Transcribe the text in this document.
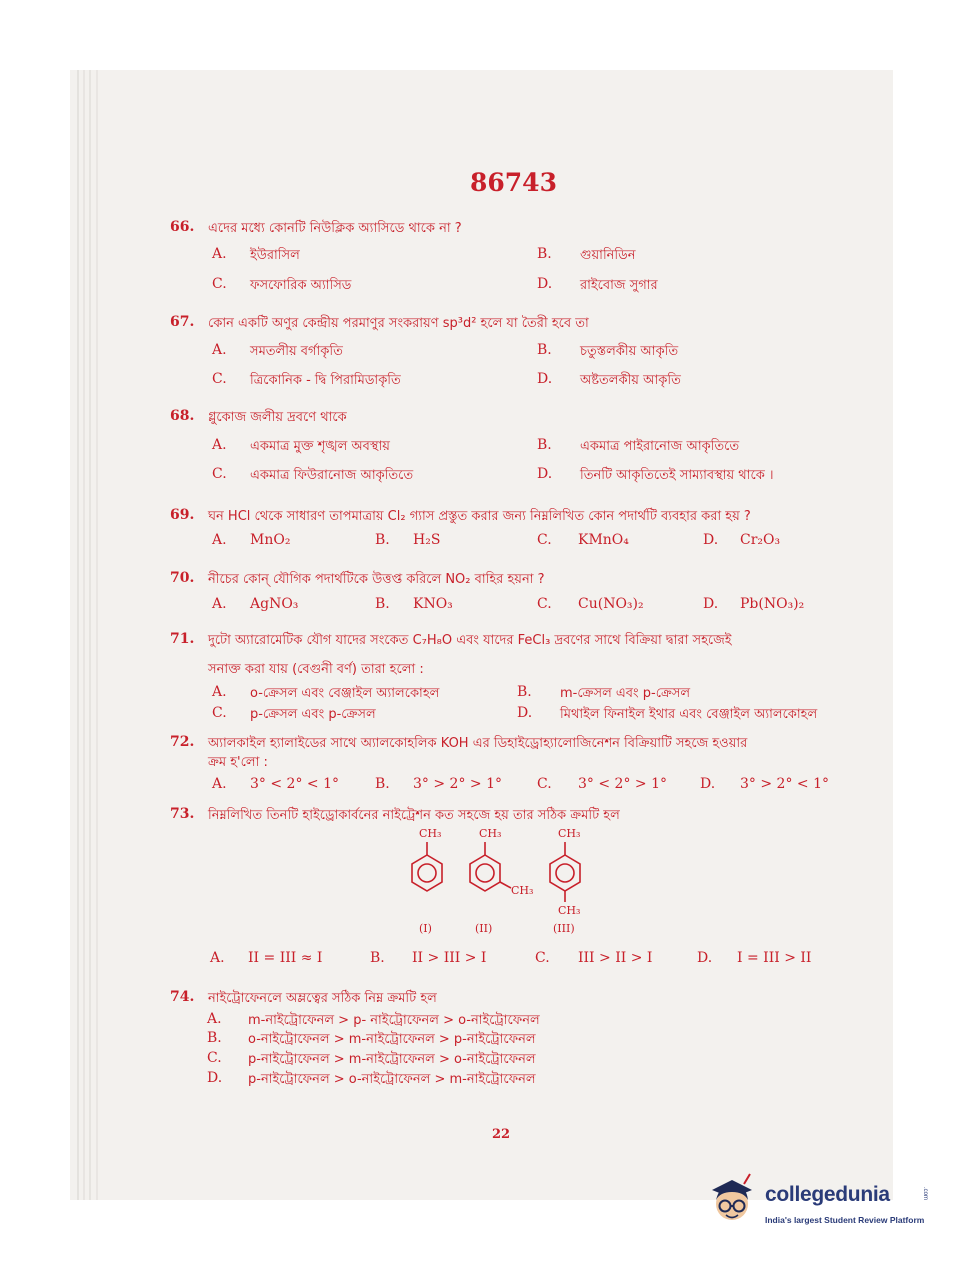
86743
66. এদের মধ্যে কোনটি নিউক্লিক অ্যাসিডে থাকে না ?
A. ইউরাসিল	B. গুয়ানিডিন
C. ফসফোরিক অ্যাসিড	D. রাইবোজ সুগার
67. কোন একটি অণুর কেন্দ্রীয় পরমাণুর সংকরায়ণ sp³d² হলে যা তৈরী হবে তা
A. সমতলীয় বর্গাকৃতি	B. চতুস্তলকীয় আকৃতি
C. ত্রিকোনিক - দ্বি পিরামিডাকৃতি	D. অষ্টতলকীয় আকৃতি
68. গ্লুকোজ জলীয় দ্রবণে থাকে
A. একমাত্র মুক্ত শৃঙ্খল অবস্থায়	B. একমাত্র পাইরানোজ আকৃতিতে
C. একমাত্র ফিউরানোজ আকৃতিতে	D. তিনটি আকৃতিতেই সাম্যাবস্থায় থাকে ।
69. ঘন HCl থেকে সাধারণ তাপমাত্রায় Cl₂ গ্যাস প্রস্তুত করার জন্য নিম্নলিখিত কোন পদার্থটি ব্যবহার করা হয় ?
A. MnO₂	B. H₂S	C. KMnO₄	D. Cr₂O₃
70. নীচের কোন্ যৌগিক পদার্থটিকে উত্তপ্ত করিলে NO₂ বাহির হয়না ?
A. AgNO₃	B. KNO₃	C. Cu(NO₃)₂	D. Pb(NO₃)₂
71. দুটো অ্যারোমেটিক যৌগ যাদের সংকেত C₇H₈O এবং যাদের FeCl₃ দ্রবণের সাথে বিক্রিয়া দ্বারা সহজেই
সনাক্ত করা যায় (বেগুনী বর্ণ) তারা হলো :
A. o-ক্রেসল এবং বেঞ্জাইল অ্যালকোহল	B. m-ক্রেসল এবং p-ক্রেসল
C. p-ক্রেসল এবং p-ক্রেসল	D. মিথাইল ফিনাইল ইথার এবং বেঞ্জাইল অ্যালকোহল
72. অ্যালকাইল হ্যালাইডের সাথে অ্যালকোহলিক KOH এর ডিহাইড্রোহ্যালোজিনেশন বিক্রিয়াটি সহজে হওয়ার
ক্রম হ'লো :
A. 3° < 2° < 1°	B. 3° > 2° > 1°	C. 3° < 2° > 1° D. 3° > 2° < 1°
73. নিম্নলিখিত তিনটি হাইড্রোকার্বনের নাইট্রেশন কত সহজে হয় তার সঠিক ক্রমটি হল
CH₃	CH₃
CH₃
CH₃
CH₃
(I)	(II)	(III)
A. II = III ≈ I	B. II > III > I	C. III > II > I	D. I = III > II
74. নাইট্রোফেনলে অম্লত্বের সঠিক নিম্ন ক্রমটি হল
A. m-নাইট্রোফেনল > p- নাইট্রোফেনল > o-নাইট্রোফেনল
B. o-নাইট্রোফেনল > m-নাইট্রোফেনল > p-নাইট্রোফেনল
C. p-নাইট্রোফেনল > m-নাইট্রোফেনল > o-নাইট্রোফেনল
D. p-নাইট্রোফেনল > o-নাইট্রোফেনল > m-নাইট্রোফেনল
22
collegedunia	.com
India's largest Student Review Platform
